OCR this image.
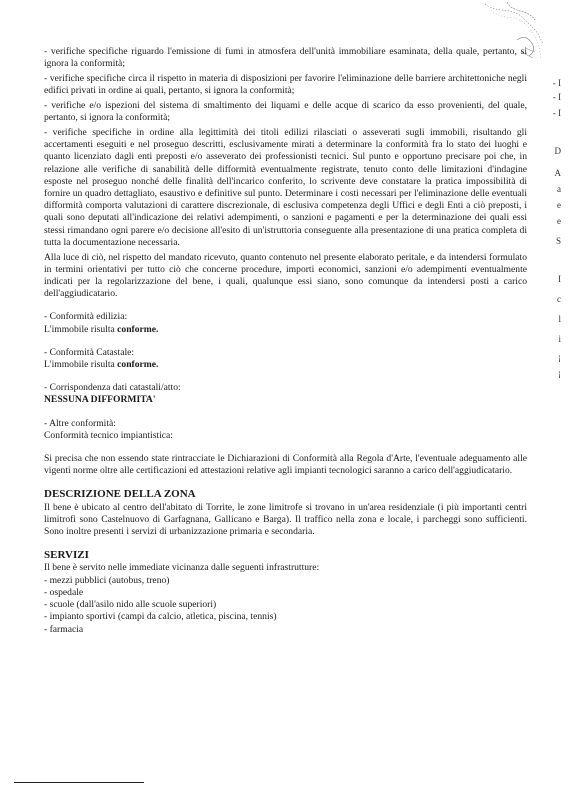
- I
- I
- I
D
A
a
e
e
S
I
c
l
i
¡
¡

- verifiche specifiche riguardo l'emissione di fumi in atmosfera dell'unità immobiliare esaminata, della quale, pertanto, si ignora la conformità;

- verifiche specifiche circa il rispetto in materia di disposizioni per favorire l'eliminazione delle barriere architettoniche negli edifici privati in ordine ai quali, pertanto, si ignora la conformità;

- verifiche e/o ispezioni del sistema di smaltimento dei liquami e delle acque di scarico da esso provenienti, del quale, pertanto, si ignora la conformità;

- verifiche specifiche in ordine alla legittimità dei titoli edilizi rilasciati o asseverati sugli immobili, risultando gli accertamenti eseguiti e nel proseguo descritti, esclusivamente mirati a determinare la conformità fra lo stato dei luoghi e quanto licenziato dagli enti preposti e/o asseverato dei professionisti tecnici. Sul punto e opportuno precisare poi che, in relazione alle verifiche di sanabilità delle difformità eventualmente registrate, tenuto conto delle limitazioni d'indagine esposte nel proseguo nonché delle finalità dell'incarico conferito, lo scrivente deve constatare la pratica impossibilità di fornire un quadro dettagliato, esaustivo e definitive sul punto. Determinare i costi necessari per l'eliminazione delle eventuali difformità comporta valutazioni di carattere discrezionale, di esclusiva competenza degli Uffici e degli Enti a ciò preposti, i quali sono deputati all'indicazione dei relativi adempimenti, o sanzioni e pagamenti e per la determinazione dei quali essi stessi rimandano ogni parere e/o decisione all'esito di un'istruttoria conseguente alla presentazione di una pratica completa di tutta la documentazione necessaria.

Alla luce di ciò, nel rispetto del mandato ricevuto, quanto contenuto nel presente elaborato peritale, e da intendersi formulato in termini orientativi per tutto ciò che concerne procedure, importi economici, sanzioni e/o adempimenti eventualmente indicati per la regolarizzazione del bene, i quali, qualunque essi siano, sono comunque da intendersi posti a carico dell'aggiudicatario.

- Conformità edilizia:

L'immobile risulta conforme.

- Conformità Catastale:

L'immobile risulta conforme.

- Corrispondenza dati catastali/atto:

NESSUNA DIFFORMITA'

- Altre conformità:

Conformità tecnico impiantistica:

Si precisa che non essendo state rintracciate le Dichiarazioni di Conformità alla Regola d'Arte, l'eventuale adeguamento alle vigenti norme oltre alle certificazioni ed attestazioni relative agli impianti tecnologici saranno a carico dell'aggiudicatario.

DESCRIZIONE DELLA ZONA

Il bene è ubicato al centro dell'abitato di Torrite, le zone limitrofe si trovano in un'area residenziale (i più importanti centri limitrofi sono Castelnuovo di Garfagnana, Gallicano e Barga). Il traffico nella zona e locale, i parcheggi sono sufficienti. Sono inoltre presenti i servizi di urbanizzazione primaria e secondaria.

SERVIZI

Il bene è servito nelle immediate vicinanza dalle seguenti infrastrutture:

- mezzi pubblici (autobus, treno)
- ospedale
- scuole (dall'asilo nido alle scuole superiori)
- impianto sportivi (campi da calcio, atletica, piscina, tennis)
- farmacia
